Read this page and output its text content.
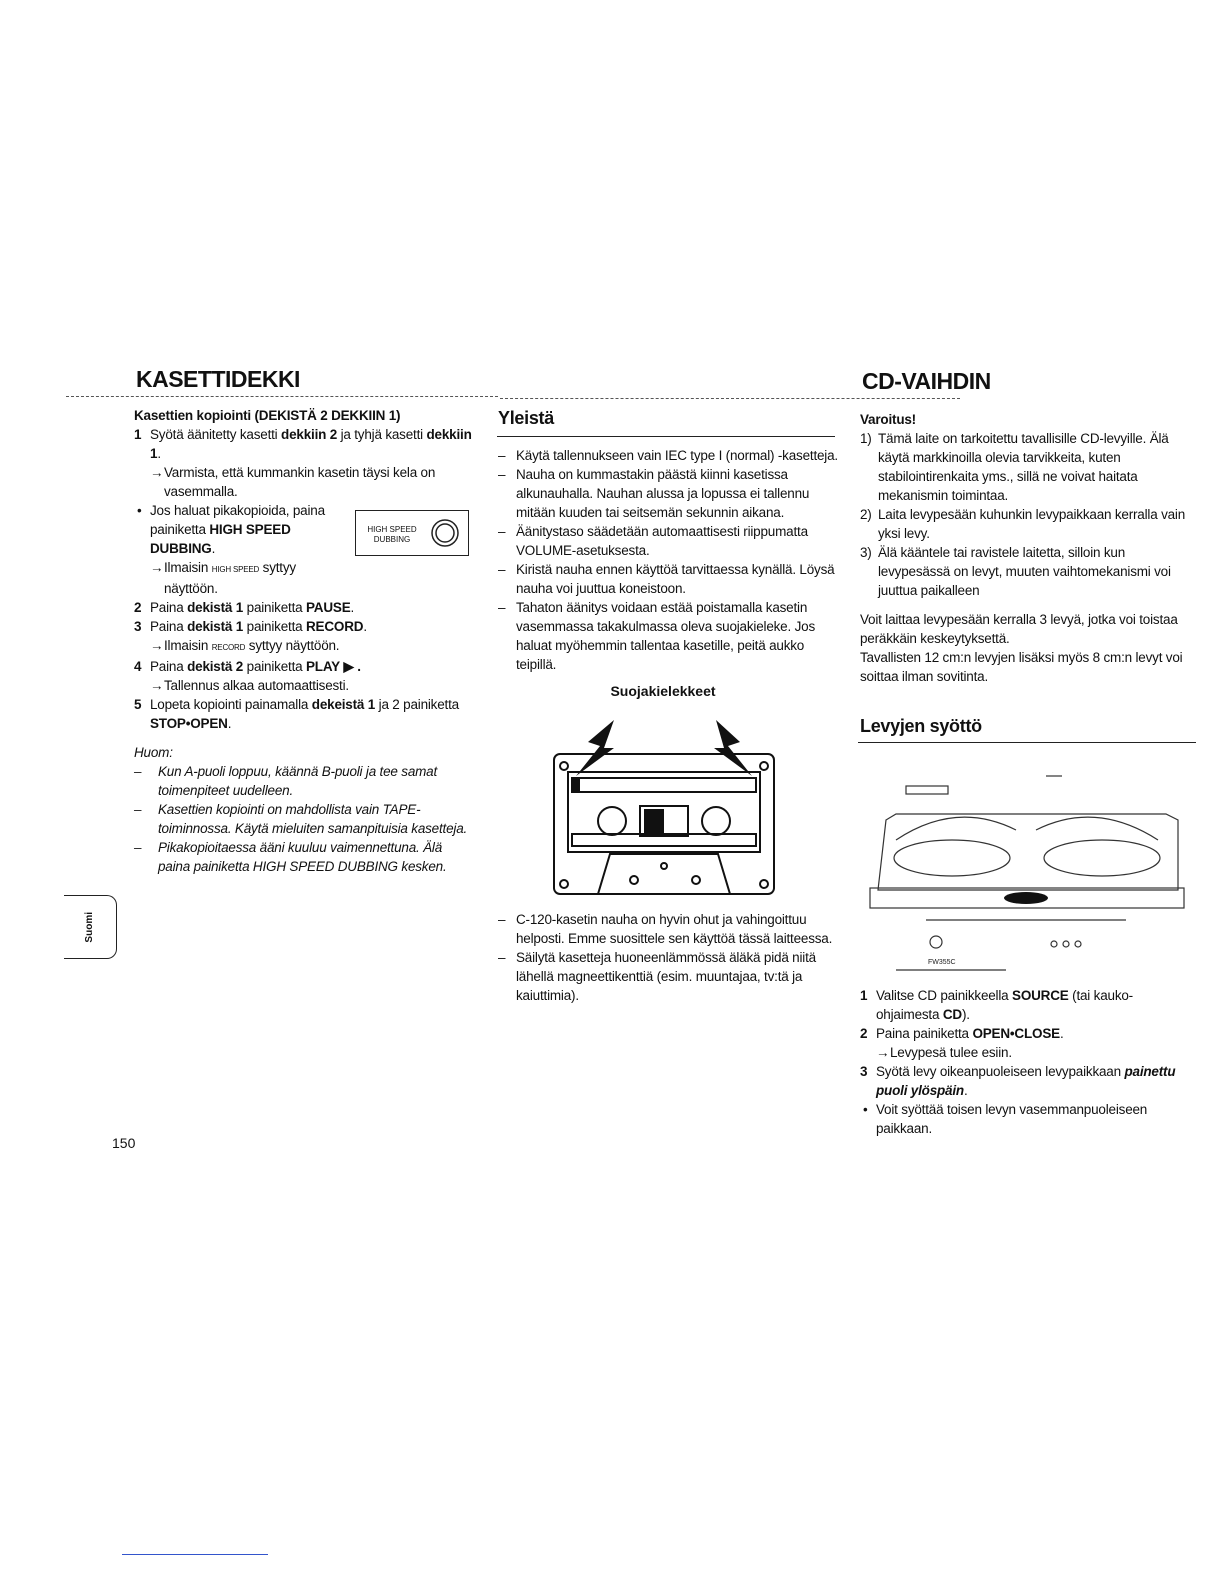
KASETTIDEKKI

Kasettien kopiointi (DEKISTÄ 2 DEKKIIN 1)

1 Syötä äänitetty kasetti dekkiin 2 ja tyhjä kasetti dekkiin 1.
→ Varmista, että kummankin kasetin täysi kela on vasemmalla.
• Jos haluat pikakopioida, paina
painiketta HIGH SPEED
DUBBING.
→ Ilmaisin HIGH SPEED syttyy
näyttöön.
2 Paina dekistä 1 painiketta PAUSE.
3 Paina dekistä 1 painiketta RECORD.
→ Ilmaisin RECORD syttyy näyttöön.
4 Paina dekistä 2 painiketta PLAY ▶ .
→ Tallennus alkaa automaattisesti.
5 Lopeta kopiointi painamalla dekeistä 1 ja 2 painiketta
STOP•OPEN.

Huom:

– Kun A-puoli loppuu, käännä B-puoli ja tee samat toimenpiteet uudelleen.
– Kasettien kopiointi on mahdollista vain TAPE-toiminnossa. Käytä mieluiten samanpituisia kasetteja.
– Pikakopioitaessa ääni kuuluu vaimennettuna. Älä paina painiketta HIGH SPEED DUBBING kesken.
HIGH SPEED
DUBBING
Suomi
150
Yleistä
– Käytä tallennukseen vain IEC type I (normal) -kasetteja.
– Nauha on kummastakin päästä kiinni kasetissa alkunauhalla. Nauhan alussa ja lopussa ei tallennu mitään kuuden tai seitsemän sekunnin aikana.
– Äänitystaso säädetään automaattisesti riippumatta VOLUME-asetuksesta.
– Kiristä nauha ennen käyttöä tarvittaessa kynällä. Löysä nauha voi juuttua koneistoon.
– Tahaton äänitys voidaan estää poistamalla kasetin vasemmassa takakulmassa oleva suojakieleke. Jos haluat myöhemmin tallentaa kasetille, peitä aukko teipillä.
Suojakielekkeet
– C-120-kasetin nauha on hyvin ohut ja vahingoittuu helposti. Emme suosittele sen käyttöä tässä laitteessa.
– Säilytä kasetteja huoneenlämmössä äläkä pidä niitä lähellä magneettikenttiä (esim. muuntajaa, tv:tä ja kaiuttimia).
CD-VAIHDIN

Varoitus!

1) Tämä laite on tarkoitettu tavallisille CD-levyille. Älä käytä markkinoilla olevia tarvikkeita, kuten stabilointirenkaita yms., sillä ne voivat haitata mekanismin toimintaa.
2) Laita levypesään kuhunkin levypaikkaan kerralla vain yksi levy.
3) Älä kääntele tai ravistele laitetta, silloin kun levypesässä on levyt, muuten vaihtomekanismi voi juuttua paikalleen

Voit laittaa levypesään kerralla 3 levyä, jotka voi toistaa peräkkäin keskeytyksettä.

Tavallisten 12 cm:n levyjen lisäksi myös 8 cm:n levyt voi soittaa ilman sovitinta.

Levyjen syöttö
FW355C
1 Valitse CD painikkeella SOURCE (tai kauko-ohjaimesta CD).
2 Paina painiketta OPEN•CLOSE.
→ Levypesä tulee esiin.
3 Syötä levy oikeanpuoleiseen levypaikkaan painettu puoli ylöspäin.
• Voit syöttää toisen levyn vasemmanpuoleiseen paikkaan.
